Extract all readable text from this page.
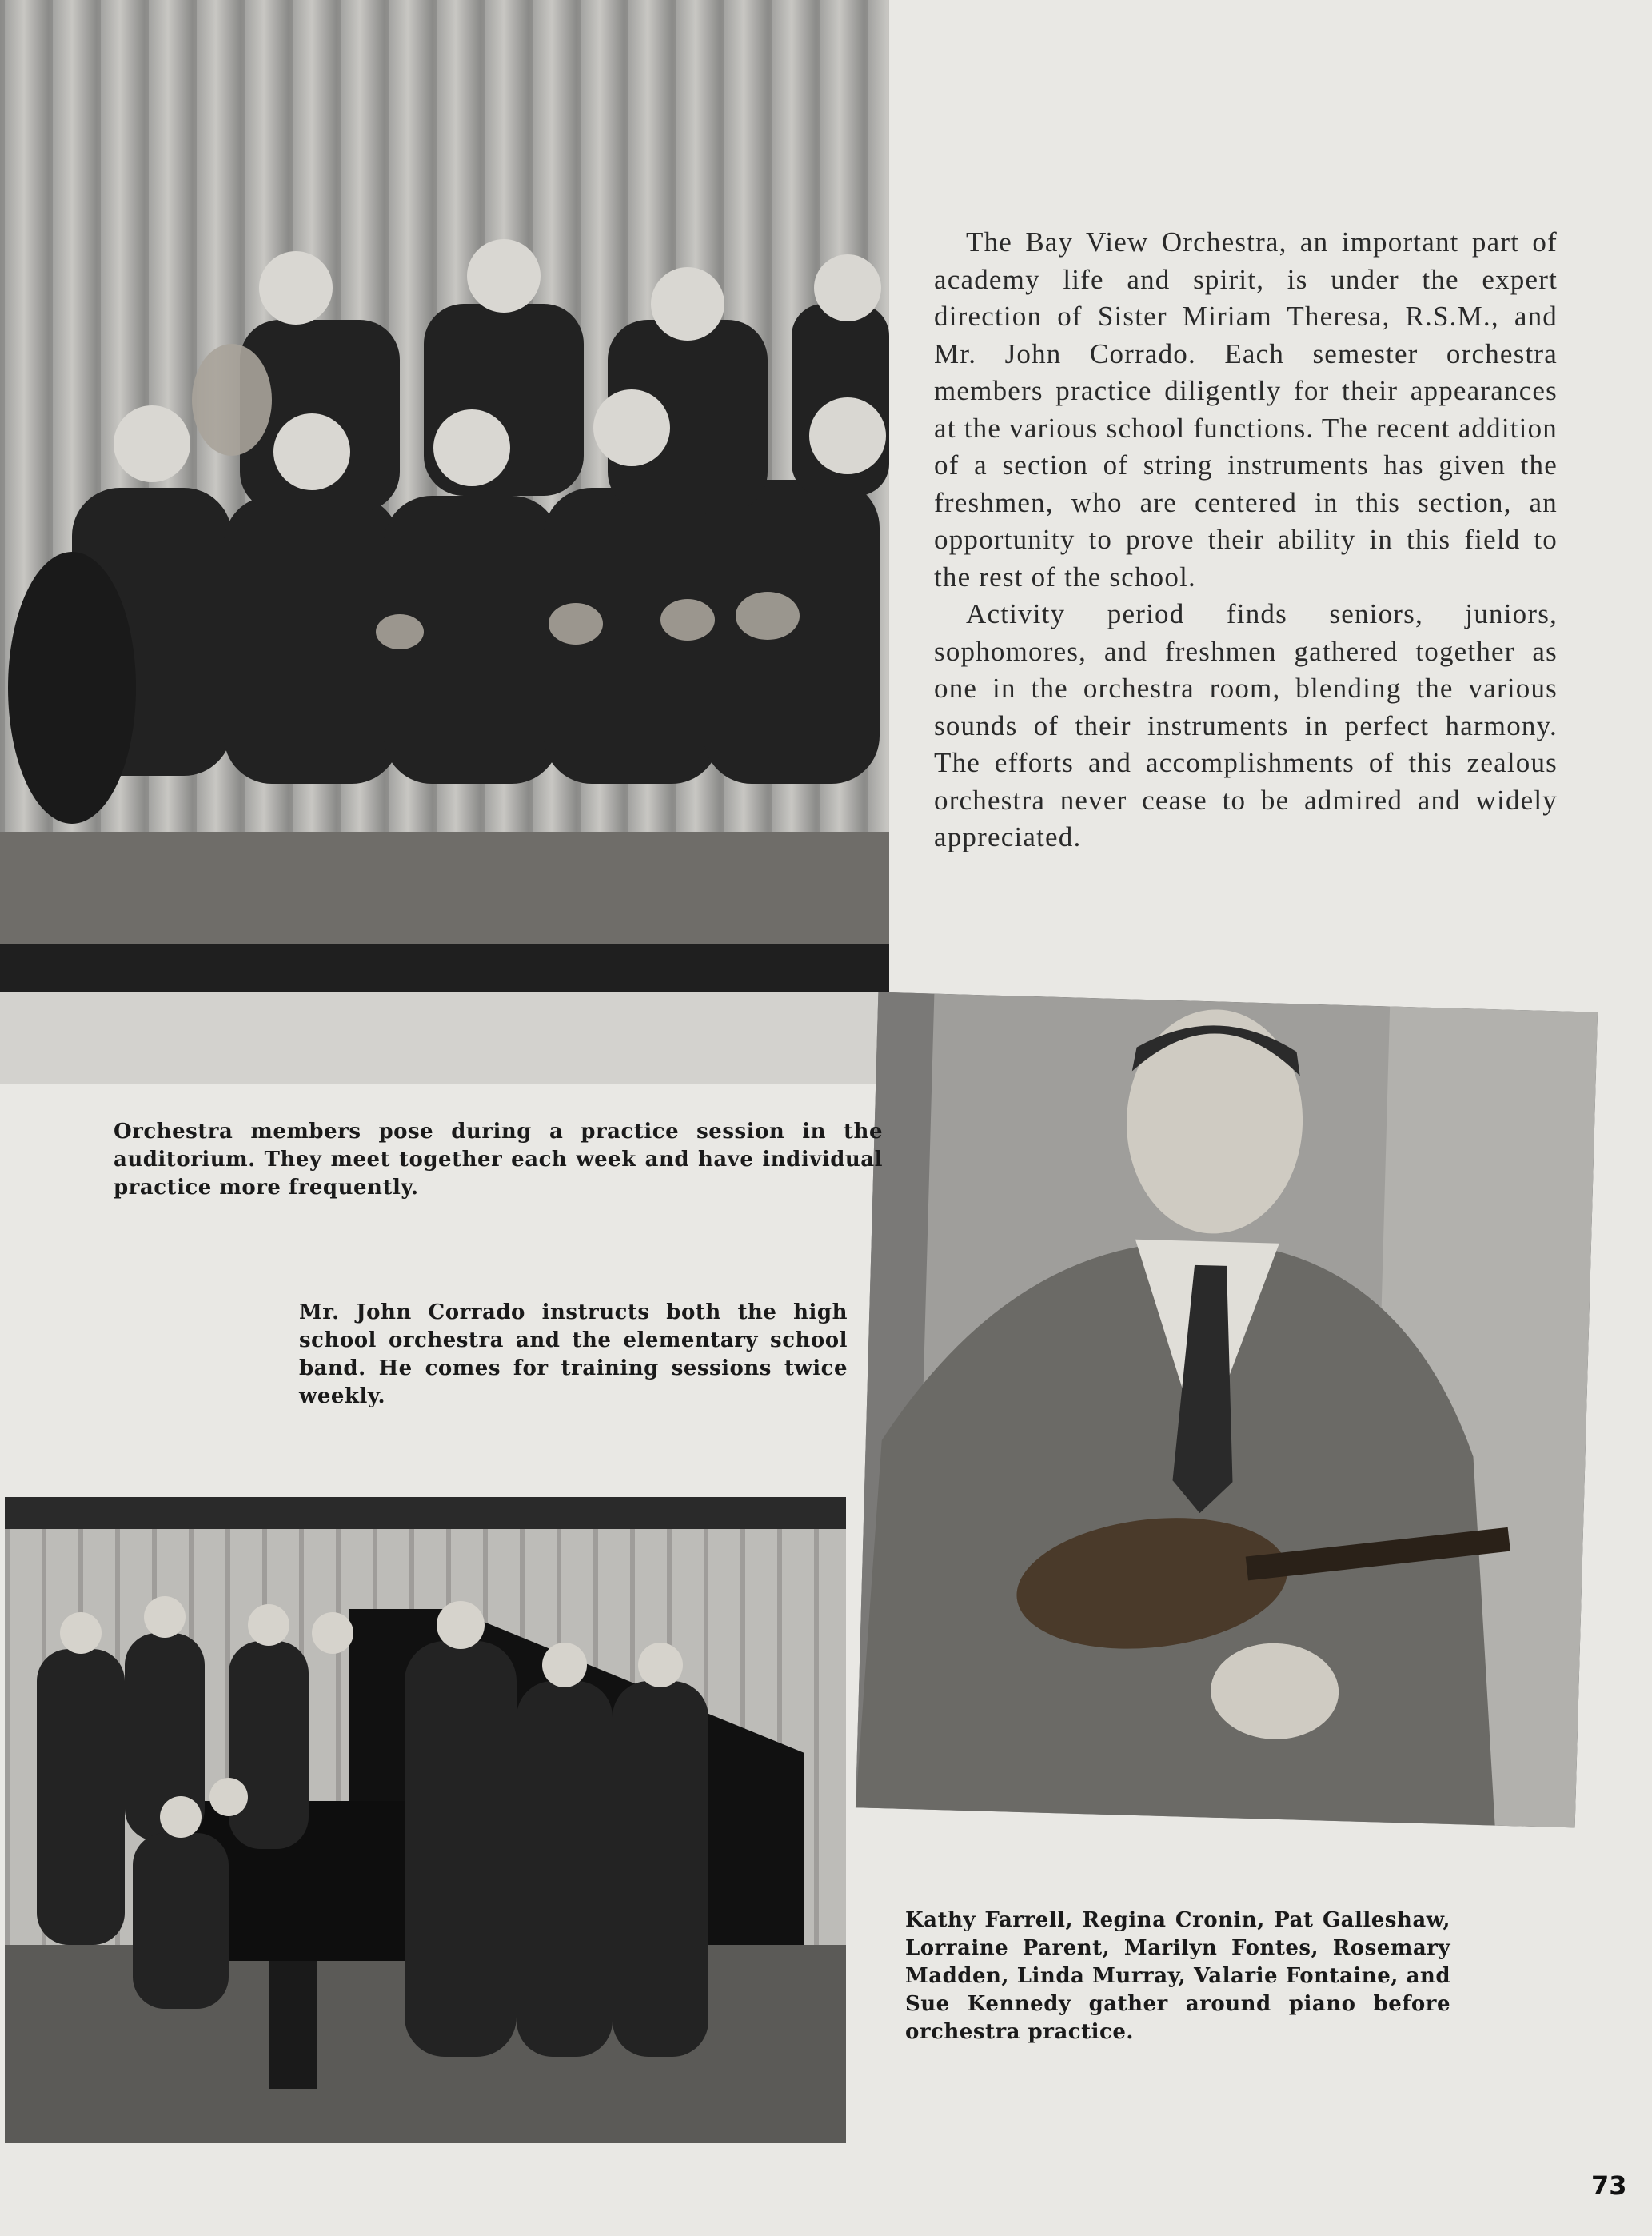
The Bay View Orchestra, an important part of academy life and spirit, is under the expert direction of Sister Miriam Theresa, R.S.M., and Mr. John Corrado. Each semester orchestra members practice diligently for their appearances at the various school functions. The recent addition of a section of string instruments has given the freshmen, who are centered in this section, an opportunity to prove their ability in this field to the rest of the school.

Activity period finds seniors, juniors, sophomores, and freshmen gathered together as one in the orchestra room, blending the various sounds of their instruments in perfect harmony. The efforts and accomplishments of this zealous orchestra never cease to be admired and widely appreciated.

Orchestra members pose during a practice session in the auditorium. They meet together each week and have individual practice more frequently.
Mr. John Corrado instructs both the high school orchestra and the elementary school band. He comes for training sessions twice weekly.
Kathy Farrell, Regina Cronin, Pat Galleshaw, Lorraine Parent, Marilyn Fontes, Rosemary Madden, Linda Murray, Valarie Fontaine, and Sue Kennedy gather around piano before orchestra practice.
73
